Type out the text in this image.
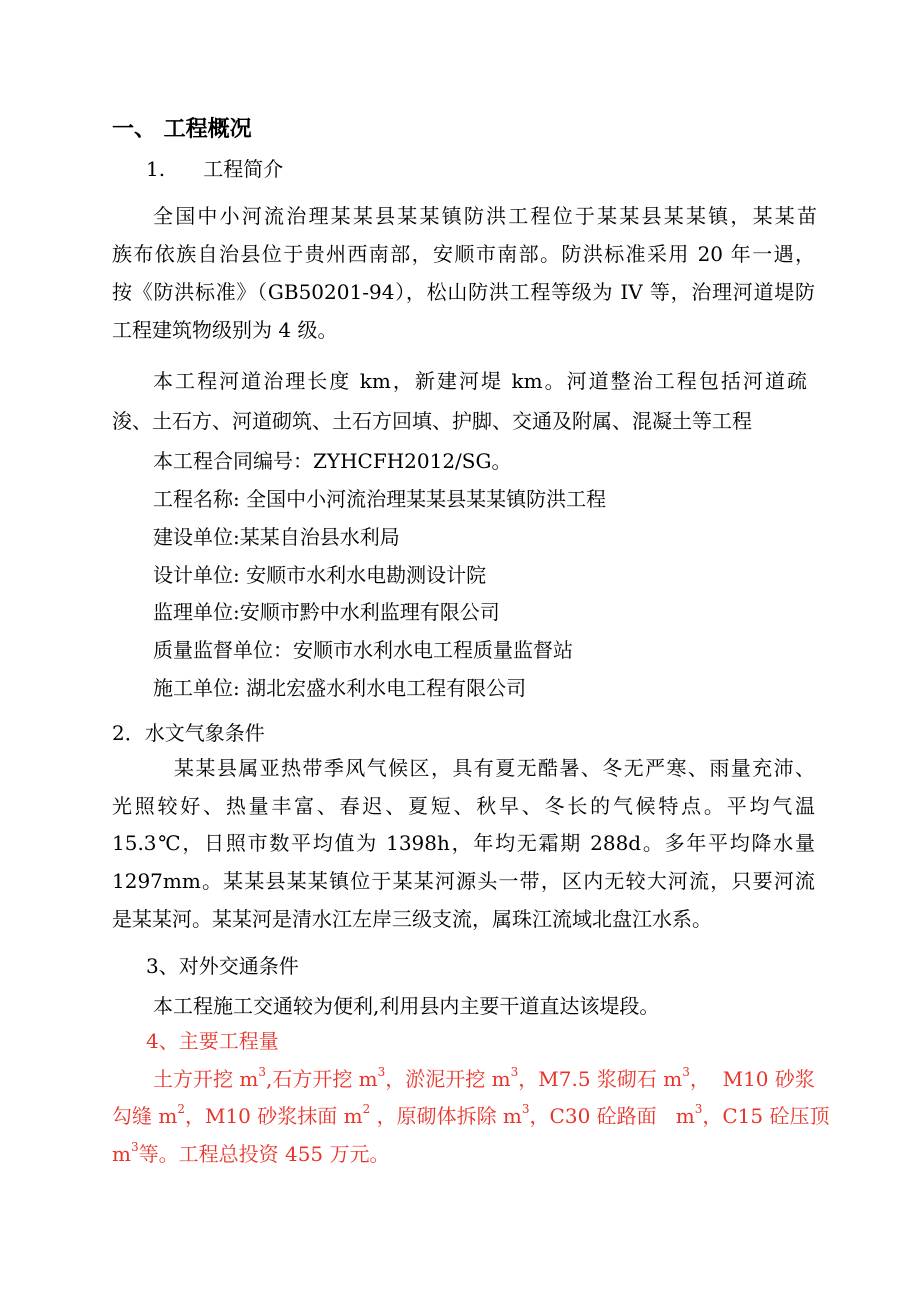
一、 工程概况
1.      工程简介
全国中小河流治理某某县某某镇防洪工程位于某某县某某镇，某某苗
族布依族自治县位于贵州西南部，安顺市南部。防洪标准采用 20 年一遇，
按《防洪标准》（GB50201-94），松山防洪工程等级为 IV 等，治理河道堤防
工程建筑物级别为 4 级。
本工程河道治理长度 km，新建河堤 km。河道整治工程包括河道疏
浚、土石方、河道砌筑、土石方回填、护脚、交通及附属、混凝土等工程
本工程合同编号：ZYHCFH2012/SG。
工程名称: 全国中小河流治理某某县某某镇防洪工程
建设单位:某某自治县水利局
设计单位: 安顺市水利水电勘测设计院
监理单位:安顺市黔中水利监理有限公司
质量监督单位：安顺市水利水电工程质量监督站
施工单位: 湖北宏盛水利水电工程有限公司
2．水文气象条件
某某县属亚热带季风气候区，具有夏无酷暑、冬无严寒、雨量充沛、
光照较好、热量丰富、春迟、夏短、秋早、冬长的气候特点。平均气温
15.3℃，日照市数平均值为 1398h，年均无霜期 288d。多年平均降水量
1297mm。某某县某某镇位于某某河源头一带，区内无较大河流，只要河流
是某某河。某某河是清水江左岸三级支流，属珠江流域北盘江水系。
3、对外交通条件
本工程施工交通较为便利,利用县内主要干道直达该堤段。
4、主要工程量
土方开挖 $m^3$,石方开挖 $m^3$，淤泥开挖 $m^3$，M7.5 浆砌石 $m^3$，  M10 砂浆
勾缝 $m^2$，M10 砂浆抹面 $m^2$ ，原砌体拆除 $m^3$，C30 砼路面   $m^3$，C15 砼压顶
$m^3$等。工程总投资 455 万元。
